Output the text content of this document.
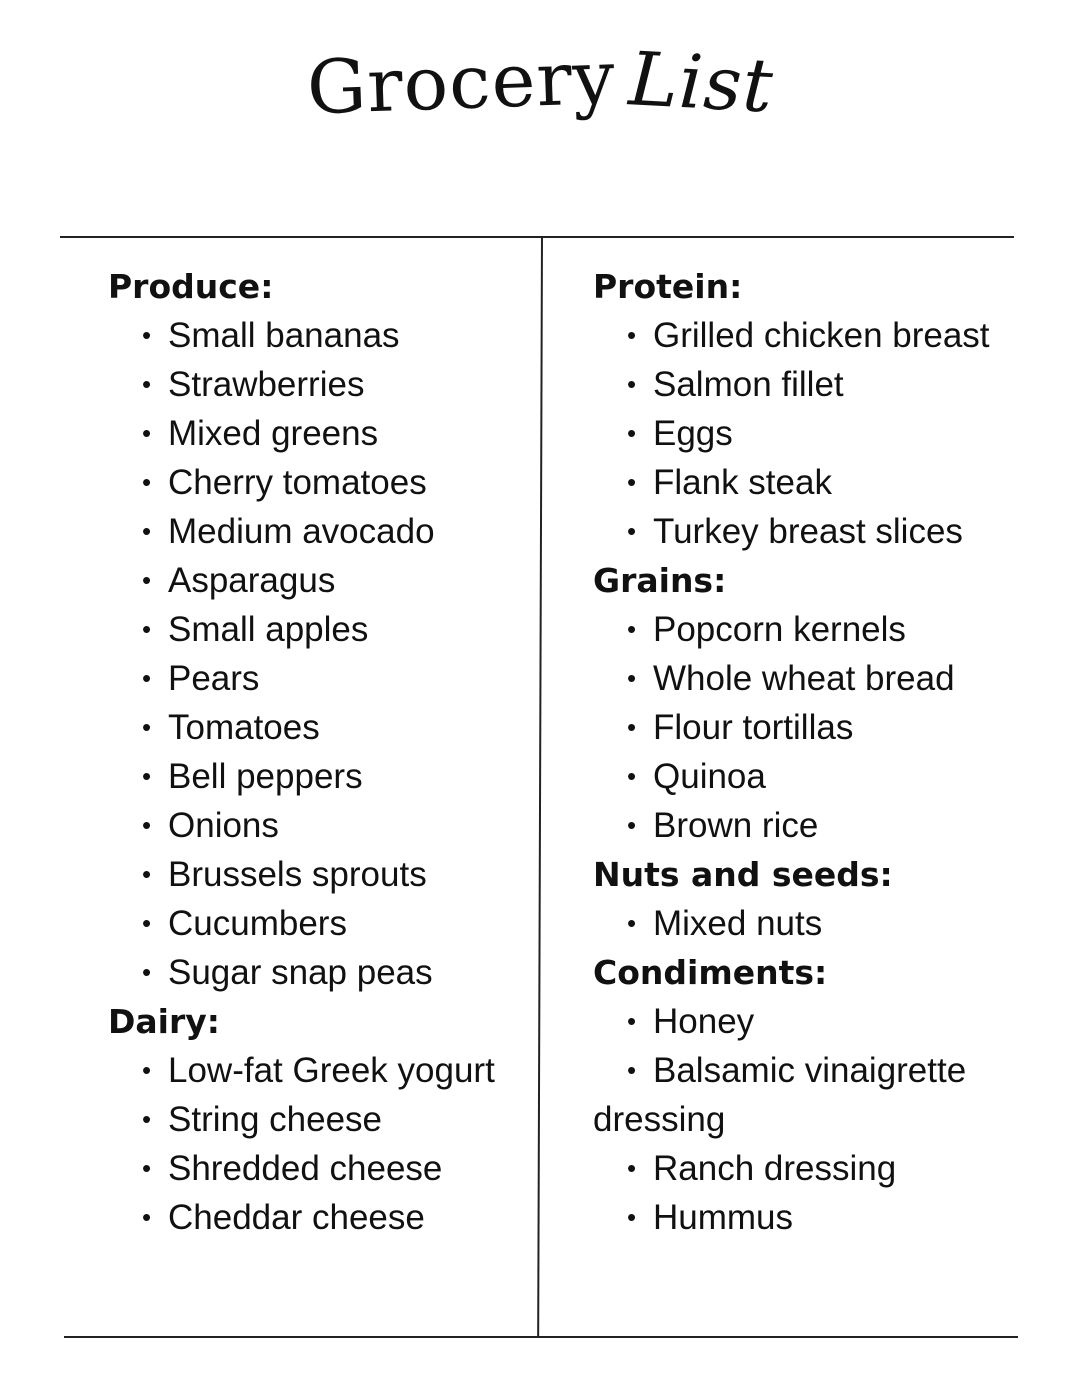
Grocery List
Produce:
• Small bananas
• Strawberries
• Mixed greens
• Cherry tomatoes
• Medium avocado
• Asparagus
• Small apples
• Pears
• Tomatoes
• Bell peppers
• Onions
• Brussels sprouts
• Cucumbers
• Sugar snap peas
Dairy:
• Low-fat Greek yogurt
• String cheese
• Shredded cheese
• Cheddar cheese
Protein:
• Grilled chicken breast
• Salmon fillet
• Eggs
• Flank steak
• Turkey breast slices
Grains:
• Popcorn kernels
• Whole wheat bread
• Flour tortillas
• Quinoa
• Brown rice
Nuts and seeds:
• Mixed nuts
Condiments:
• Honey
• Balsamic vinaigrette
dressing
• Ranch dressing
• Hummus
